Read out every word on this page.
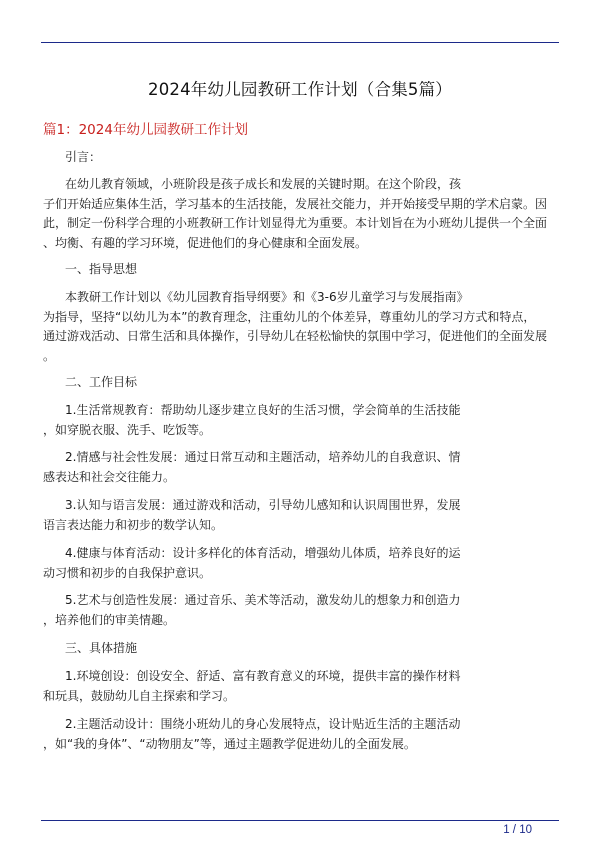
2024年幼儿园教研工作计划（合集5篇）
篇1：2024年幼儿园教研工作计划
引言：
在幼儿教育领域，小班阶段是孩子成长和发展的关键时期。在这个阶段，孩
子们开始适应集体生活，学习基本的生活技能，发展社交能力，并开始接受早期的学术启蒙。因
此，制定一份科学合理的小班教研工作计划显得尤为重要。本计划旨在为小班幼儿提供一个全面
、均衡、有趣的学习环境，促进他们的身心健康和全面发展。
一、指导思想
本教研工作计划以《幼儿园教育指导纲要》和《3-6岁儿童学习与发展指南》
为指导，坚持“以幼儿为本”的教育理念，注重幼儿的个体差异，尊重幼儿的学习方式和特点，
通过游戏活动、日常生活和具体操作，引导幼儿在轻松愉快的氛围中学习，促进他们的全面发展
。
二、工作目标
1.生活常规教育：帮助幼儿逐步建立良好的生活习惯，学会简单的生活技能
，如穿脱衣服、洗手、吃饭等。
2.情感与社会性发展：通过日常互动和主题活动，培养幼儿的自我意识、情
感表达和社会交往能力。
3.认知与语言发展：通过游戏和活动，引导幼儿感知和认识周围世界，发展
语言表达能力和初步的数学认知。
4.健康与体育活动：设计多样化的体育活动，增强幼儿体质，培养良好的运
动习惯和初步的自我保护意识。
5.艺术与创造性发展：通过音乐、美术等活动，激发幼儿的想象力和创造力
，培养他们的审美情趣。
三、具体措施
1.环境创设：创设安全、舒适、富有教育意义的环境，提供丰富的操作材料
和玩具，鼓励幼儿自主探索和学习。
2.主题活动设计：围绕小班幼儿的身心发展特点，设计贴近生活的主题活动
，如“我的身体”、“动物朋友”等，通过主题教学促进幼儿的全面发展。
1 / 10
